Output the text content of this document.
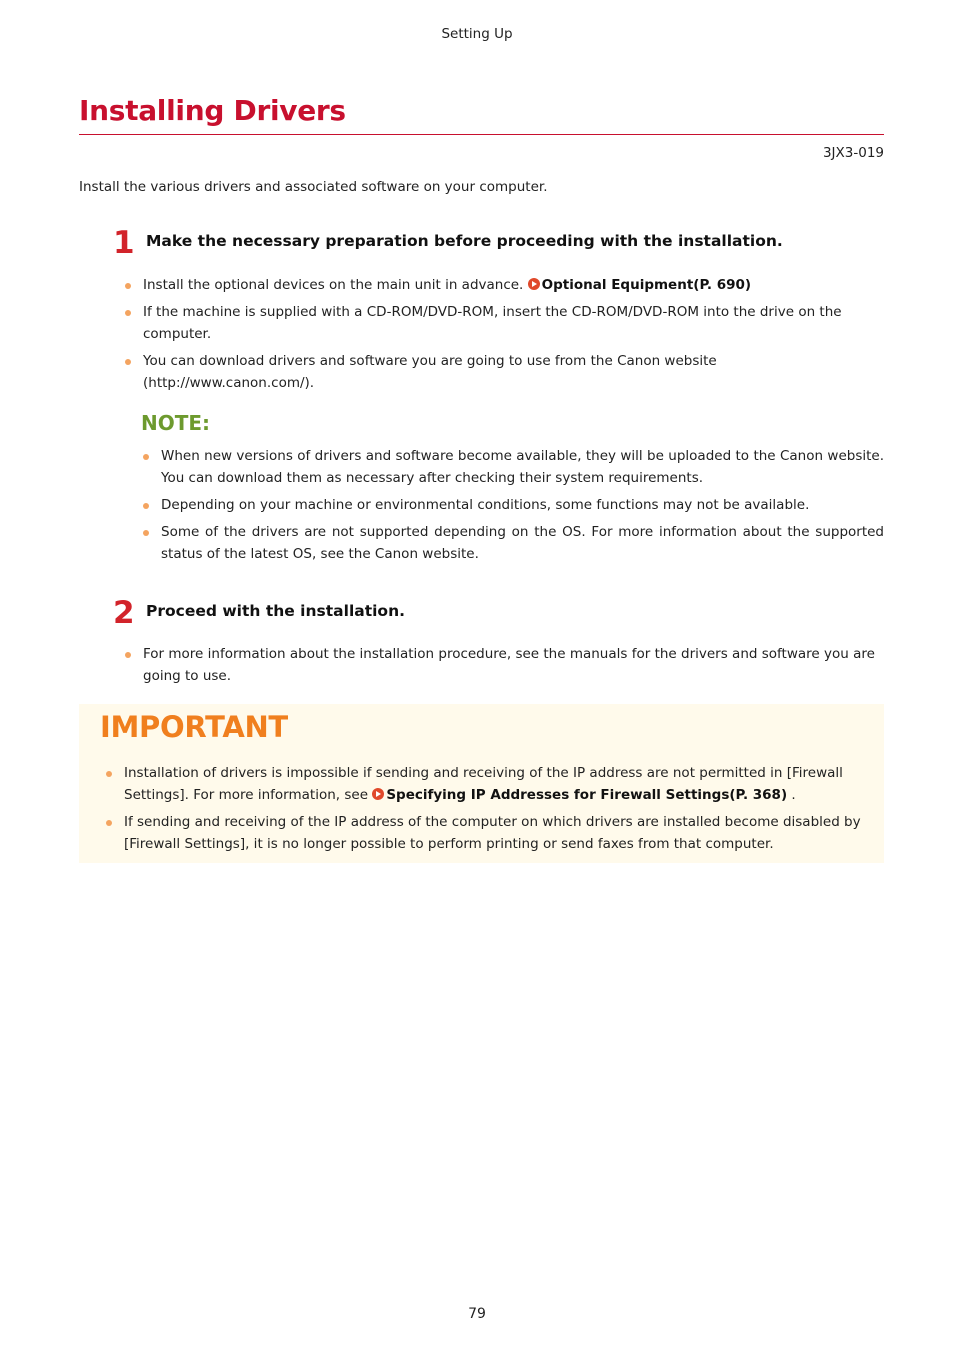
Setting Up
Installing Drivers
3JX3-019
Install the various drivers and associated software on your computer.
1 Make the necessary preparation before proceeding with the installation.
Install the optional devices on the main unit in advance. Optional Equipment(P. 690)
If the machine is supplied with a CD-ROM/DVD-ROM, insert the CD-ROM/DVD-ROM into the drive on the computer.
You can download drivers and software you are going to use from the Canon website (http://www.canon.com/).
NOTE:
When new versions of drivers and software become available, they will be uploaded to the Canon website. You can download them as necessary after checking their system requirements.
Depending on your machine or environmental conditions, some functions may not be available.
Some of the drivers are not supported depending on the OS. For more information about the supported status of the latest OS, see the Canon website.
2 Proceed with the installation.
For more information about the installation procedure, see the manuals for the drivers and software you are going to use.
IMPORTANT
Installation of drivers is impossible if sending and receiving of the IP address are not permitted in [Firewall Settings]. For more information, see Specifying IP Addresses for Firewall Settings(P. 368) .
If sending and receiving of the IP address of the computer on which drivers are installed become disabled by [Firewall Settings], it is no longer possible to perform printing or send faxes from that computer.
79
